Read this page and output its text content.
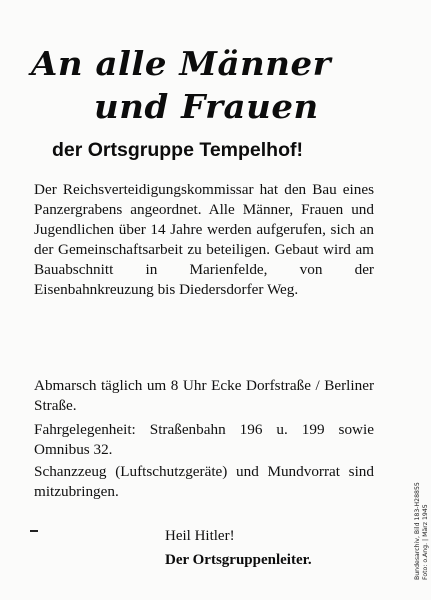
An alle Männer
und Frauen
der Ortsgruppe Tempelhof!

Der Reichsverteidigungskommissar hat den Bau eines Panzergrabens angeordnet. Alle Männer, Frauen und Jugendlichen über 14 Jahre werden aufgerufen, sich an der Gemeinschaftsarbeit zu beteiligen. Gebaut wird am Bauabschnitt in Marienfelde, von der Eisenbahnkreuzung bis Diedersdorfer Weg.

Abmarsch täglich um 8 Uhr Ecke Dorfstraße / Berliner Straße.

Fahrgelegenheit: Straßenbahn 196 u. 199 sowie Omnibus 32.

Schanzzeug (Luftschutzgeräte) und Mundvorrat sind mitzubringen.

Heil Hitler!
Der Ortsgruppenleiter.	Bundesarchiv, Bild 183-H28855 Foto: o.Ang. | März 1945
